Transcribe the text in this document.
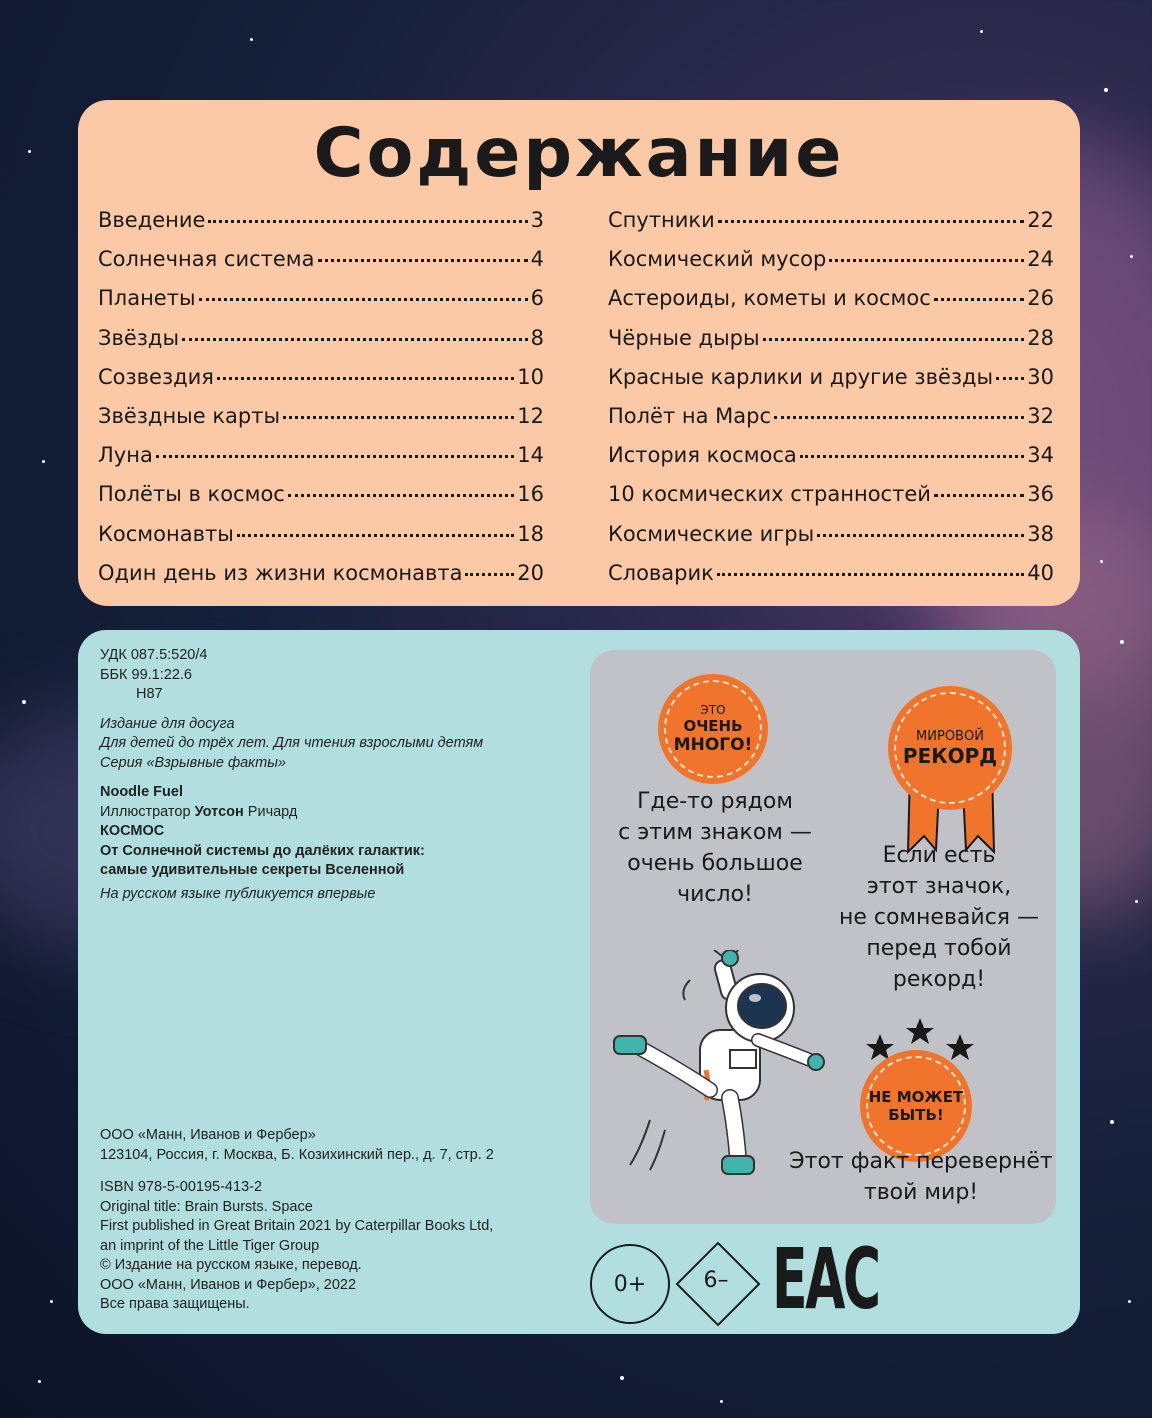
Содержание
Введение	3
Солнечная система	4
Планеты	6
Звёзды	8
Созвездия	10
Звёздные карты	12
Луна	14
Полёты в космос	16
Космонавты	18
Один день из жизни космонавта	20
Спутники	22
Космический мусор	24
Астероиды, кометы и космос	26
Чёрные дыры	28
Красные карлики и другие звёзды 30
Полёт на Марс	32
История космоса	34
10 космических странностей	36
Космические игры	38
Словарик	40
УДК 087.5:520/4
ББК 99.1:22.6
Н87
Издание для досуга
Для детей до трёх лет. Для чтения взрослыми детям
Серия «Взрывные факты»
Noodle Fuel
Иллюстратор Уотсон Ричард
КОСМОС
От Солнечной системы до далёких галактик:
самые удивительные секреты Вселенной
На русском языке публикуется впервые
ООО «Манн, Иванов и Фербер»
123104, Россия, г. Москва, Б. Козихинский пер., д. 7, стр. 2
ISBN 978-5-00195-413-2
Original title: Brain Bursts. Space
First published in Great Britain 2021 by Caterpillar Books Ltd,
an imprint of the Little Tiger Group
© Издание на русском языке, перевод.
ООО «Манн, Иванов и Фербер», 2022
Все права защищены.
ЭТО
ОЧЕНЬ
МНОГО!
Где-то рядом
с этим знаком —
очень большое
число!
МИРОВОЙ
РЕКОРД
Если есть
этот значок,
не сомневайся —
перед тобой
рекорд!
НЕ МОЖЕТ
БЫТЬ!
Этот факт перевернёт
твой мир!
0+	6– EAC
